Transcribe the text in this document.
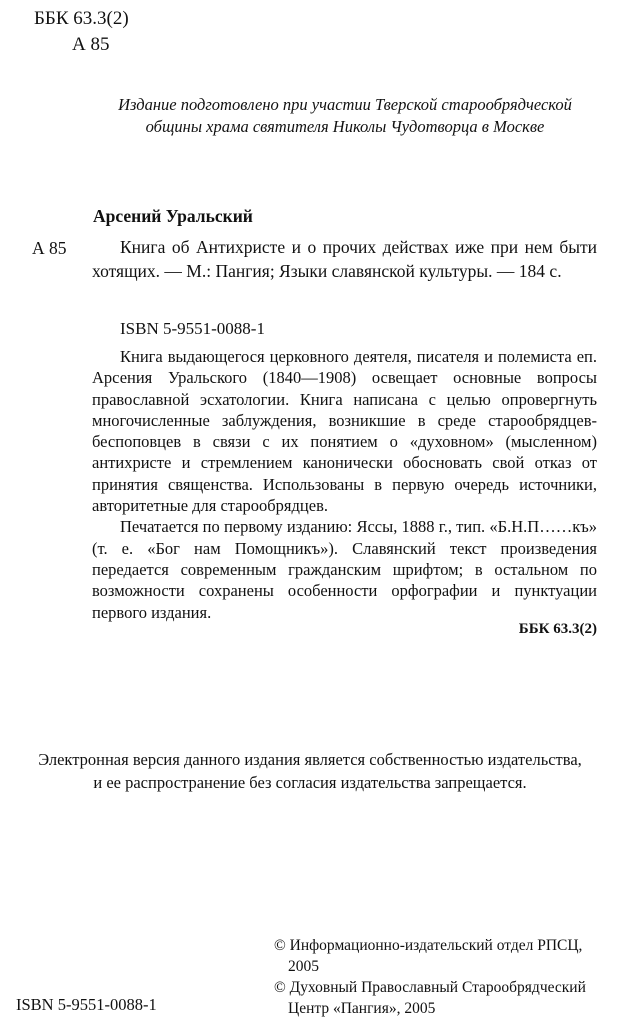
ББК 63.3(2)
А 85
Издание подготовлено при участии Тверской старообрядческой
общины храма святителя Николы Чудотворца в Москве
Арсений Уральский
А 85	Книга об Антихристе и о прочих действах иже при нем быти хотящих. — М.: Пангия; Языки славянской культуры. — 184 с.
ISBN 5-9551-0088-1

Книга выдающегося церковного деятеля, писателя и полемиста еп. Арсения Уральского (1840—1908) освещает основные вопросы православной эсхатологии. Книга написана с целью опровергнуть многочисленные заблуждения, возникшие в среде старообрядцев-беспоповцев в связи с их понятием о «духовном» (мысленном) антихристе и стремлением канонически обосновать свой отказ от принятия священства. Использованы в первую очередь источники, авторитетные для старообрядцев.

Печатается по первому изданию: Яссы, 1888 г., тип. «Б.Н.П……къ» (т. е. «Бог нам Помощникъ»). Славянский текст произведения передается современным гражданским шрифтом; в остальном по возможности сохранены особенности орфографии и пунктуации первого издания.

ББК 63.3(2)
Электронная версия данного издания является собственностью издательства,
и ее распространение без согласия издательства запрещается.
© Информационно-издательский отдел РПСЦ,
2005
© Духовный Православный Старообрядческий
Центр «Пангия», 2005
ISBN 5-9551-0088-1
